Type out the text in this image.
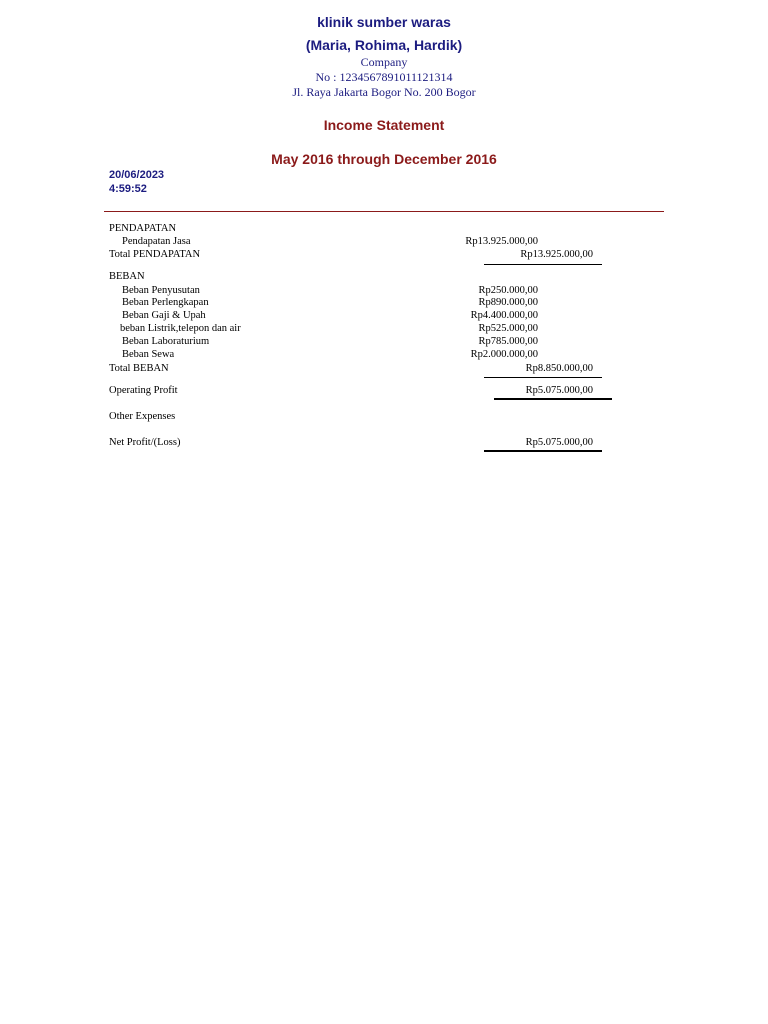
klinik sumber waras
(Maria, Rohima, Hardik)
Company
No : 1234567891011121314
Jl. Raya Jakarta Bogor No. 200 Bogor
Income Statement
May 2016 through December 2016
20/06/2023
4:59:52
PENDAPATAN
Pendapatan Jasa	Rp13.925.000,00
Total PENDAPATAN	Rp13.925.000,00
BEBAN
Beban Penyusutan	Rp250.000,00
Beban Perlengkapan	Rp890.000,00
Beban Gaji & Upah	Rp4.400.000,00
beban Listrik,telepon dan air	Rp525.000,00
Beban Laboraturium	Rp785.000,00
Beban Sewa	Rp2.000.000,00
Total BEBAN	Rp8.850.000,00
Operating Profit	Rp5.075.000,00
Other Expenses
Net Profit/(Loss)	Rp5.075.000,00
